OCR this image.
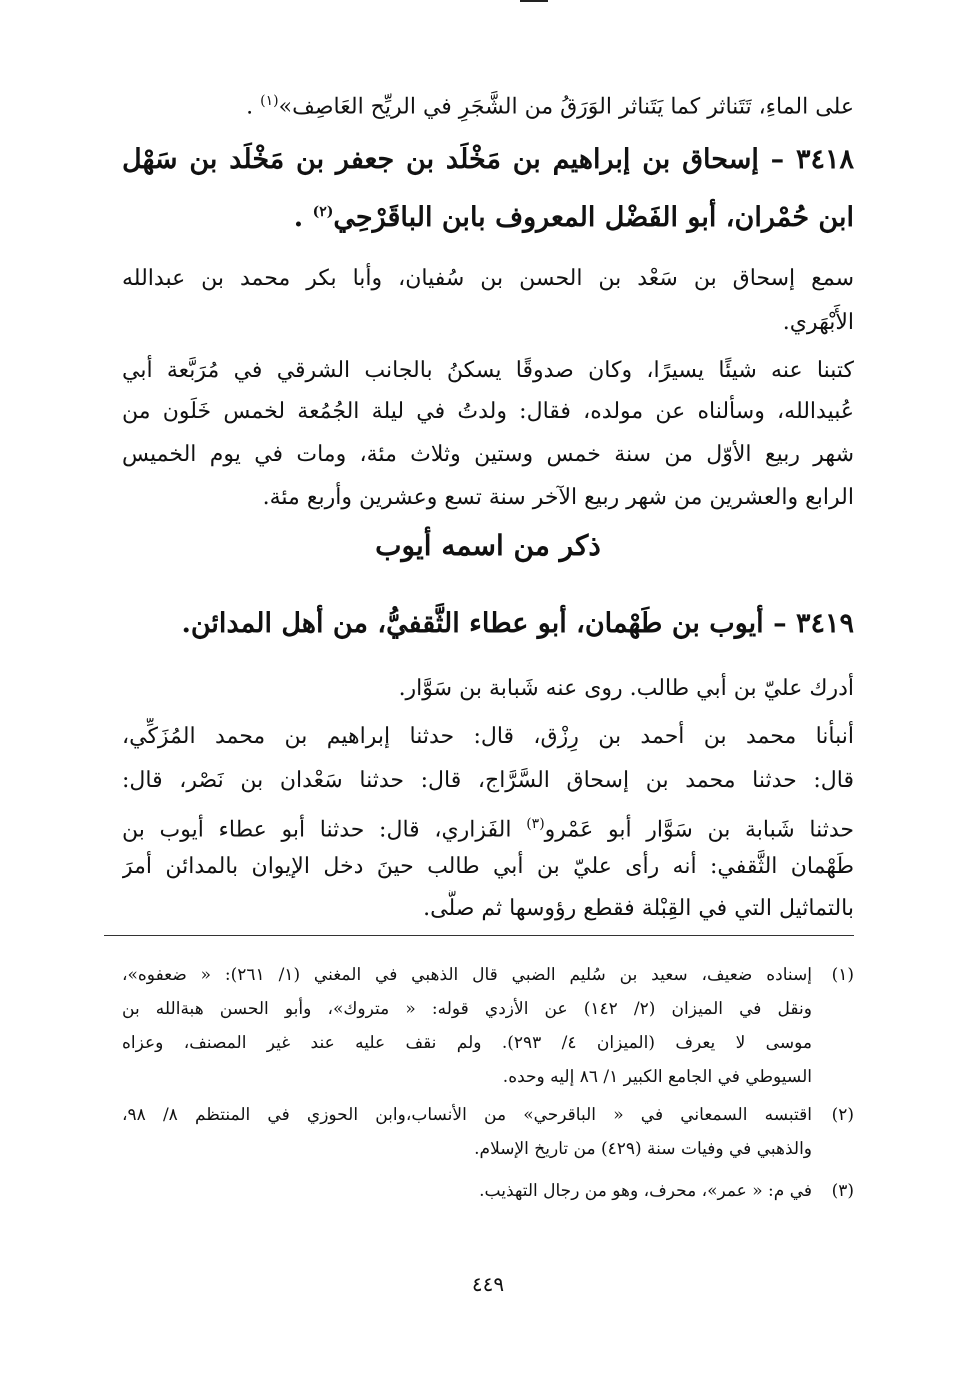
على الماءِ، تَتَناثر كما يَتَناثر الوَرَقُ من الشَّجَرِ في الريِّح العَاصِف»$^{(١)}$ .
٣٤١٨ – إسحاق بن إبراهيم بن مَخْلَد بن جعفر بن مَخْلَد بن سَهْل
ابن حُمْران، أبو الفَضْل المعروف بابن الباقَرْحِي$^{(٢)}$ .
سمع إسحاق بن سَعْد بن الحسن بن سُفيان، وأبا بكر محمد بن عبدالله
الأَبْهَري.
كتبنا عنه شيئًا يسيرًا، وكان صدوقًا يسكنُ بالجانب الشرقي في مُرَبَّعة أبي
عُبيدالله، وسألناه عن مولده، فقال: ولدتُ في ليلة الجُمُعة لخمس خَلَون من
شهر ربيع الأوّل من سنة خمس وستين وثلاث مئة، ومات في يوم الخميس
الرابع والعشرين من شهر ربيع الآخر سنة تسع وعشرين وأربع مئة.
ذكر من اسمه أيوب
٣٤١٩ – أيوب بن طَهْمان، أبو عطاء الثَّقفيُّ، من أهل المدائن.
أدرك عليّ بن أبي طالب. روى عنه شَبابة بن سَوَّار.
أنبأنا محمد بن أحمد بن رِزْق، قال: حدثنا إبراهيم بن محمد المُزَكِّي،
قال: حدثنا محمد بن إسحاق السَّرَّاج، قال: حدثنا سَعْدان بن نَصْر، قال:
حدثنا شَبابة بن سَوَّار أبو عَمْرو$^{(٣)}$ الفَزاري، قال: حدثنا أبو عطاء أيوب بن
طَهْمان الثَّقفي: أنه رأى عليّ بن أبي طالب حينَ دخل الإيوان بالمدائن أمرَ
بالتماثيل التي في القِبْلة فقطع رؤوسها ثم صلَّى.
(١)
إسناده ضعيف، سعيد بن سُليم الضبي قال الذهبي في المغني (١/ ٢٦١): « ضعفوه»،
ونقل في الميزان (٢/ ١٤٢) عن الأزدي قوله: « متروك»، وأبو الحسن هبةالله بن
موسى لا يعرف (الميزان ٤/ ٢٩٣). ولم نقف عليه عند غير المصنف، وعزاه
السيوطي في الجامع الكبير ١/ ٨٦ إليه وحده.
(٢)
اقتبسه السمعاني في « الباقرحي» من الأنساب،وابن الحوزي في المنتظم ٨/ ٩٨،
والذهبي في وفيات سنة (٤٢٩) من تاريخ الإسلام.
(٣)
في م: « عمر»، محرف، وهو من رجال التهذيب.
٤٤٩
